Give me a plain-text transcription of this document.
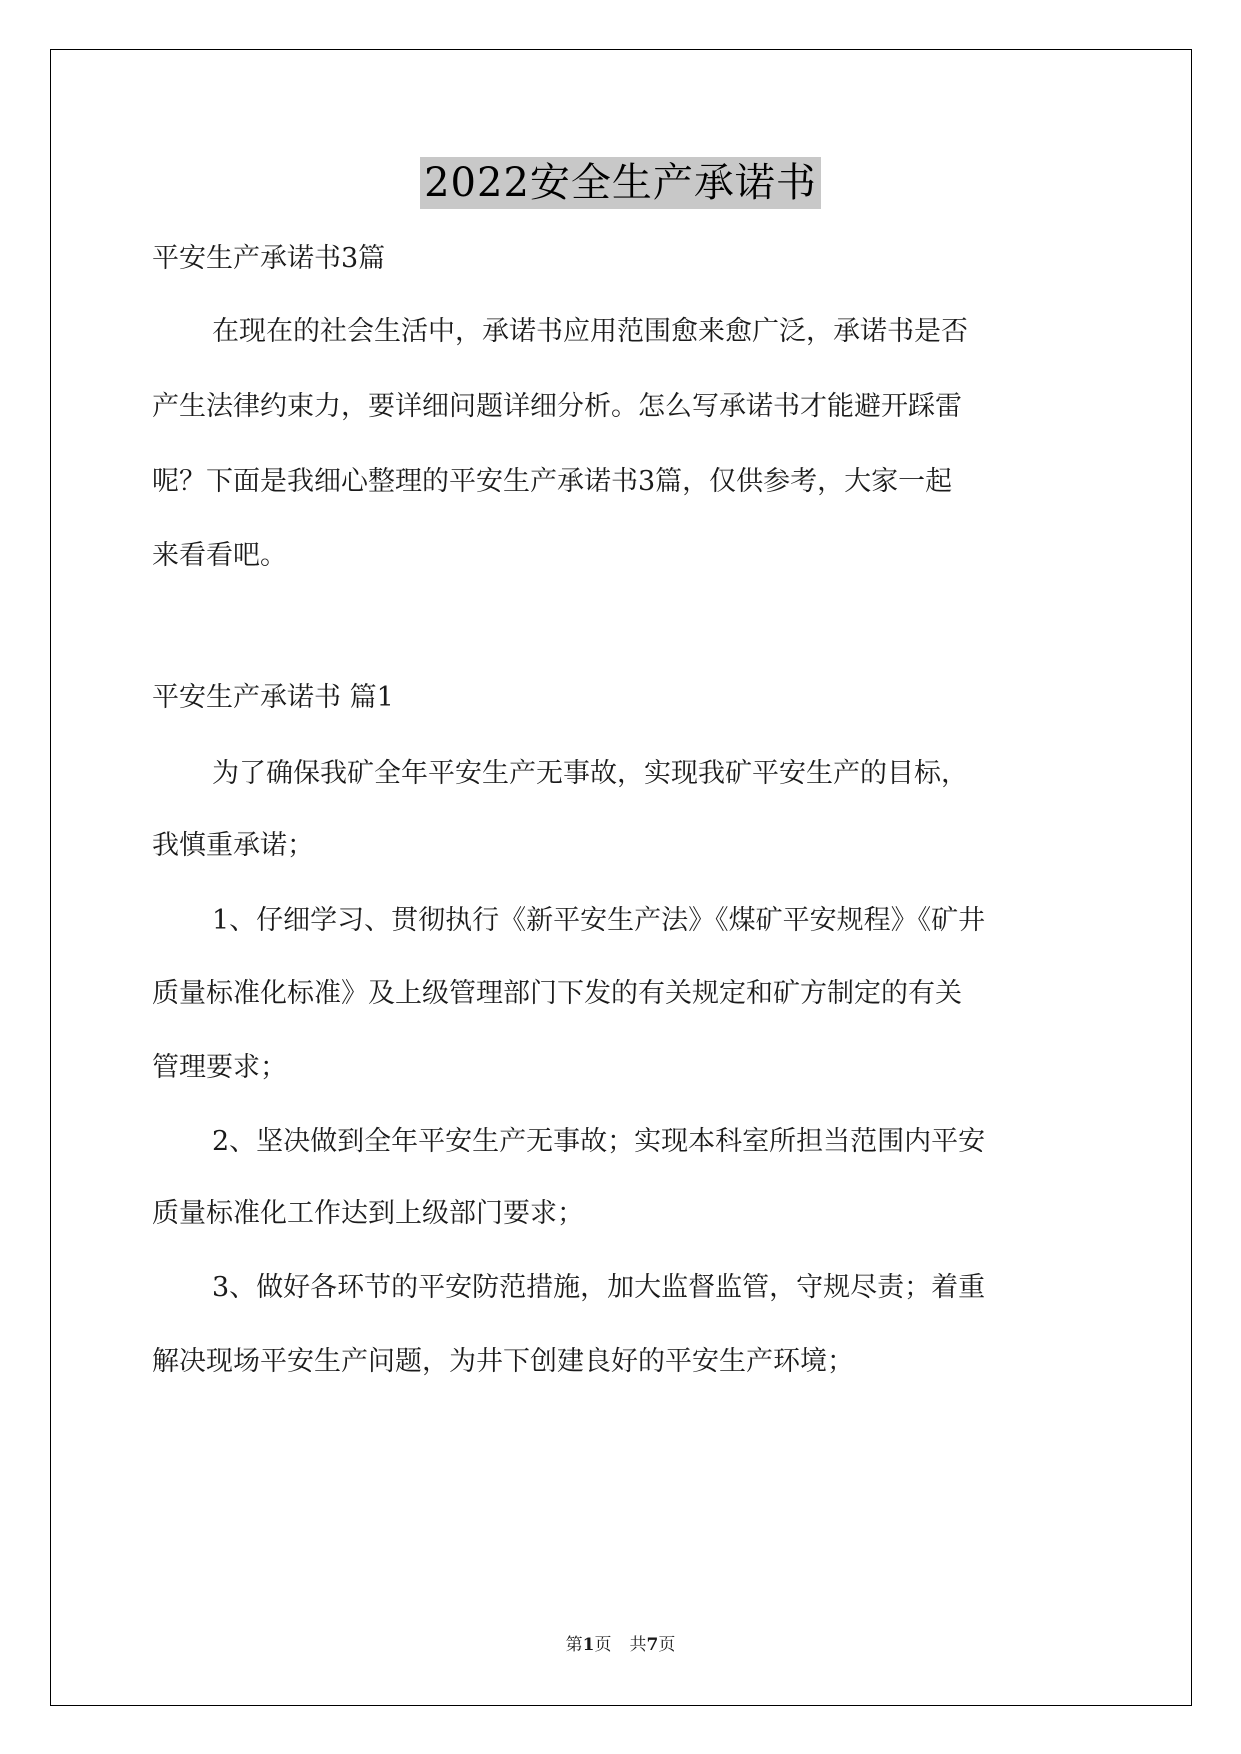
2022安全生产承诺书
平安生产承诺书3篇
在现在的社会生活中，承诺书应用范围愈来愈广泛，承诺书是否
产生法律约束力，要详细问题详细分析。怎么写承诺书才能避开踩雷
呢？下面是我细心整理的平安生产承诺书3篇，仅供参考，大家一起
来看看吧。
平安生产承诺书 篇1
为了确保我矿全年平安生产无事故，实现我矿平安生产的目标，
我慎重承诺；
1、仔细学习、贯彻执行《新平安生产法》《煤矿平安规程》《矿井
质量标准化标准》及上级管理部门下发的有关规定和矿方制定的有关
管理要求；
2、坚决做到全年平安生产无事故；实现本科室所担当范围内平安
质量标准化工作达到上级部门要求；
3、做好各环节的平安防范措施，加大监督监管，守规尽责；着重
解决现场平安生产问题，为井下创建良好的平安生产环境；
第1页 共7页
